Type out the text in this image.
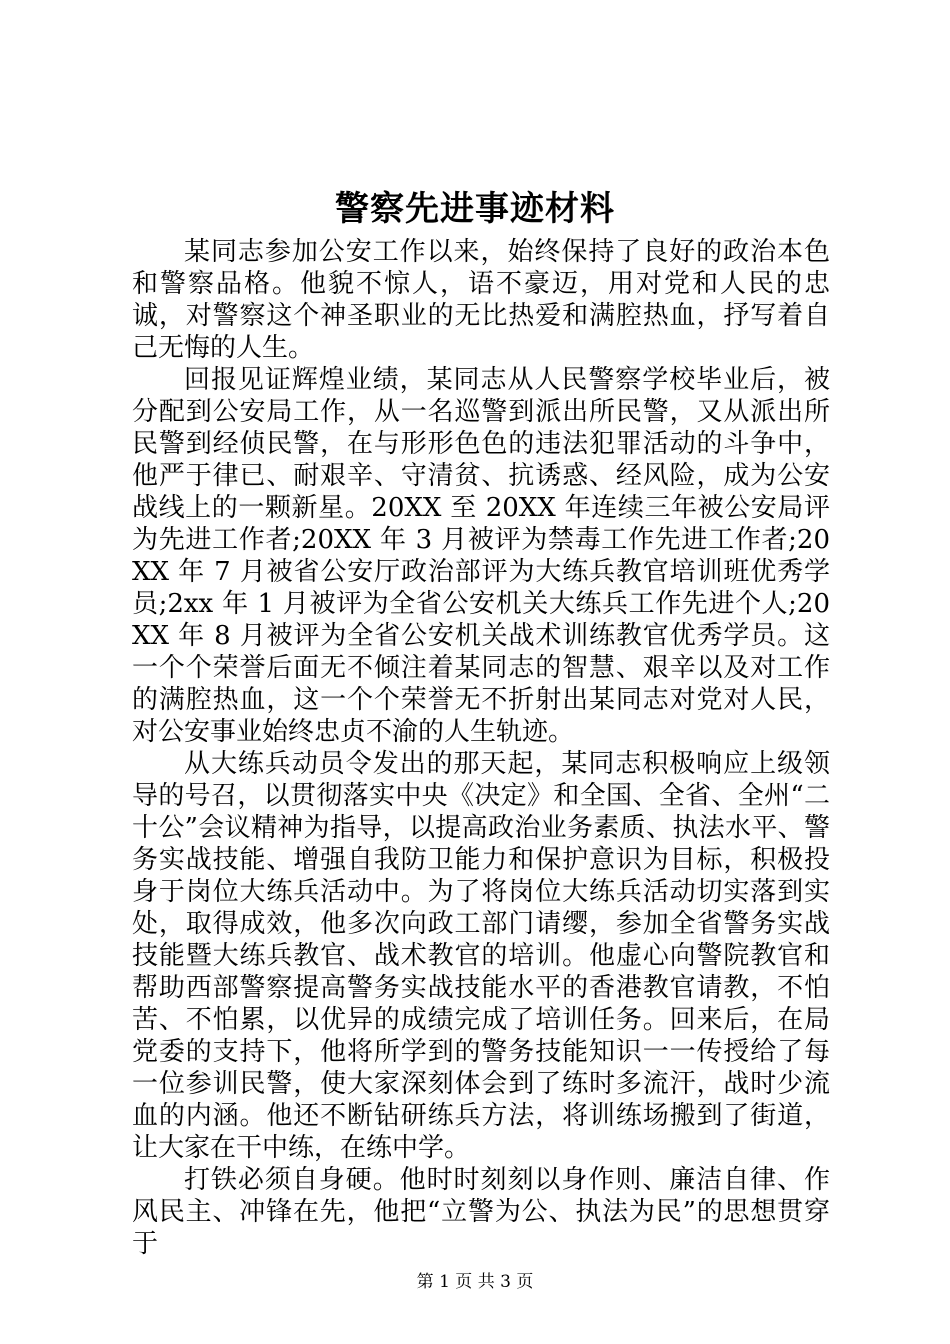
警察先进事迹材料

某同志参加公安工作以来，始终保持了良好的政治本色和警察品格。他貌不惊人，语不豪迈，用对党和人民的忠诚，对警察这个神圣职业的无比热爱和满腔热血，抒写着自己无悔的人生。

回报见证辉煌业绩，某同志从人民警察学校毕业后，被分配到公安局工作，从一名巡警到派出所民警，又从派出所民警到经侦民警，在与形形色色的违法犯罪活动的斗争中，他严于律已、耐艰辛、守清贫、抗诱惑、经风险，成为公安战线上的一颗新星。20XX 至 20XX 年连续三年被公安局评为先进工作者;20XX 年 3 月被评为禁毒工作先进工作者;20XX 年 7 月被省公安厅政治部评为大练兵教官培训班优秀学员;2xx 年 1 月被评为全省公安机关大练兵工作先进个人;20XX 年 8 月被评为全省公安机关战术训练教官优秀学员。这一个个荣誉后面无不倾注着某同志的智慧、艰辛以及对工作的满腔热血，这一个个荣誉无不折射出某同志对党对人民，对公安事业始终忠贞不渝的人生轨迹。

从大练兵动员令发出的那天起，某同志积极响应上级领导的号召，以贯彻落实中央《决定》和全国、全省、全州“二十公”会议精神为指导，以提高政治业务素质、执法水平、警务实战技能、增强自我防卫能力和保护意识为目标，积极投身于岗位大练兵活动中。为了将岗位大练兵活动切实落到实处，取得成效，他多次向政工部门请缨，参加全省警务实战技能暨大练兵教官、战术教官的培训。他虚心向警院教官和帮助西部警察提高警务实战技能水平的香港教官请教，不怕苦、不怕累，以优异的成绩完成了培训任务。回来后，在局党委的支持下，他将所学到的警务技能知识一一传授给了每一位参训民警，使大家深刻体会到了练时多流汗，战时少流血的内涵。他还不断钻研练兵方法，将训练场搬到了街道，让大家在干中练，在练中学。

打铁必须自身硬。他时时刻刻以身作则、廉洁自律、作风民主、冲锋在先，他把“立警为公、执法为民”的思想贯穿于

第 1 页 共 3 页
